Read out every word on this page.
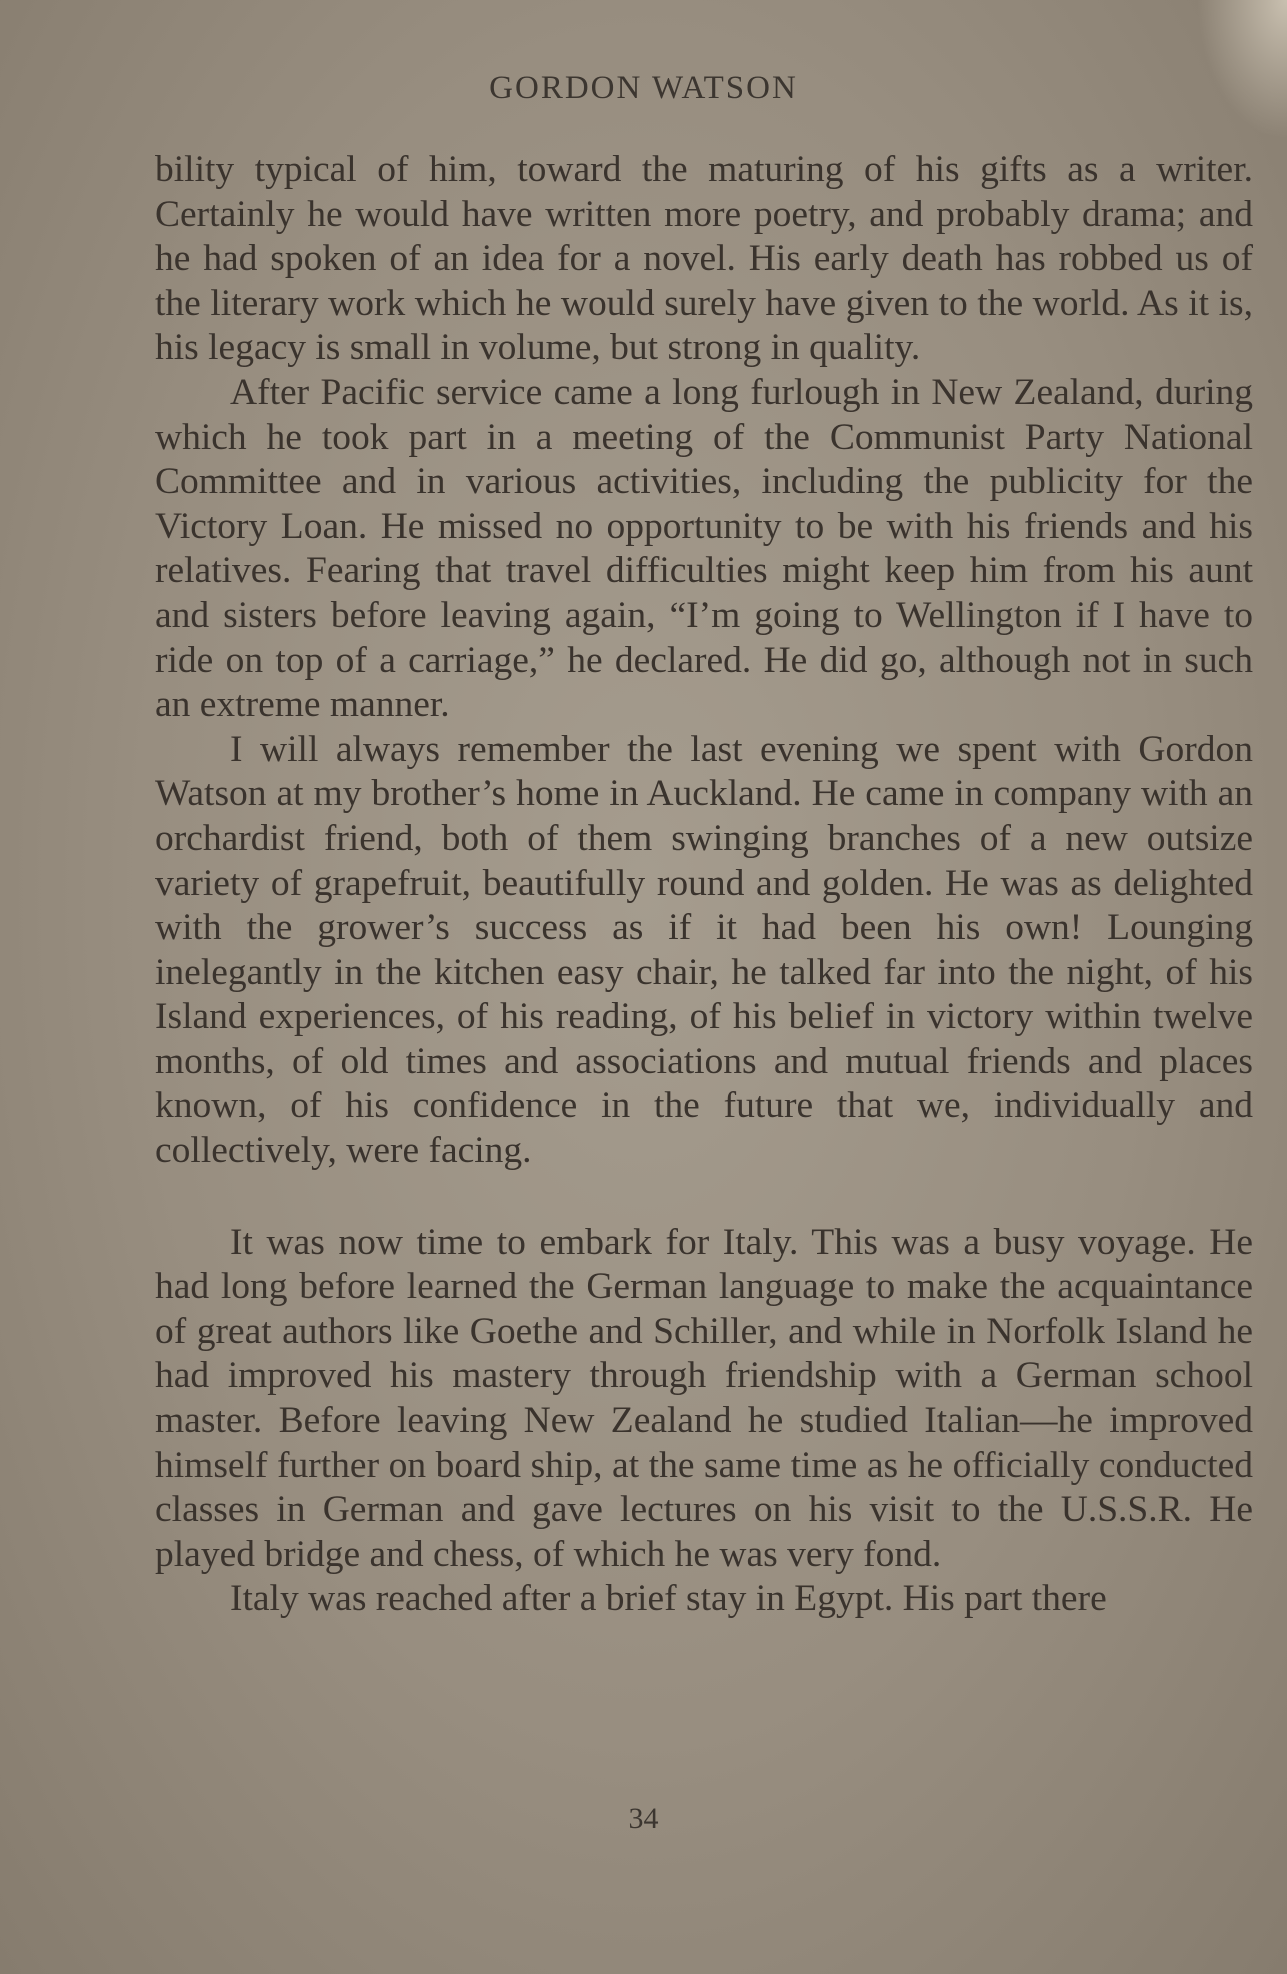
GORDON WATSON

bility typical of him, toward the maturing of his gifts as a writer. Certainly he would have written more poetry, and probably drama; and he had spoken of an idea for a novel. His early death has robbed us of the literary work which he would surely have given to the world. As it is, his legacy is small in volume, but strong in quality.

After Pacific service came a long furlough in New Zealand, during which he took part in a meeting of the Communist Party National Committee and in various activities, including the publicity for the Victory Loan. He missed no opportunity to be with his friends and his relatives. Fearing that travel difficulties might keep him from his aunt and sisters before leaving again, “I’m going to Wellington if I have to ride on top of a carriage,” he declared. He did go, although not in such an extreme manner.

I will always remember the last evening we spent with Gordon Watson at my brother’s home in Auckland. He came in company with an orchardist friend, both of them swinging branches of a new outsize variety of grapefruit, beautifully round and golden. He was as delighted with the grower’s success as if it had been his own! Lounging inelegantly in the kitchen easy chair, he talked far into the night, of his Island experiences, of his reading, of his belief in victory within twelve months, of old times and associations and mutual friends and places known, of his confidence in the future that we, individually and collectively, were facing.

It was now time to embark for Italy. This was a busy voyage. He had long before learned the German language to make the acquaintance of great authors like Goethe and Schiller, and while in Norfolk Island he had improved his mastery through friendship with a German school master. Before leaving New Zealand he studied Italian—he improved himself further on board ship, at the same time as he officially conducted classes in German and gave lectures on his visit to the U.S.S.R. He played bridge and chess, of which he was very fond.

Italy was reached after a brief stay in Egypt. His part there

34
